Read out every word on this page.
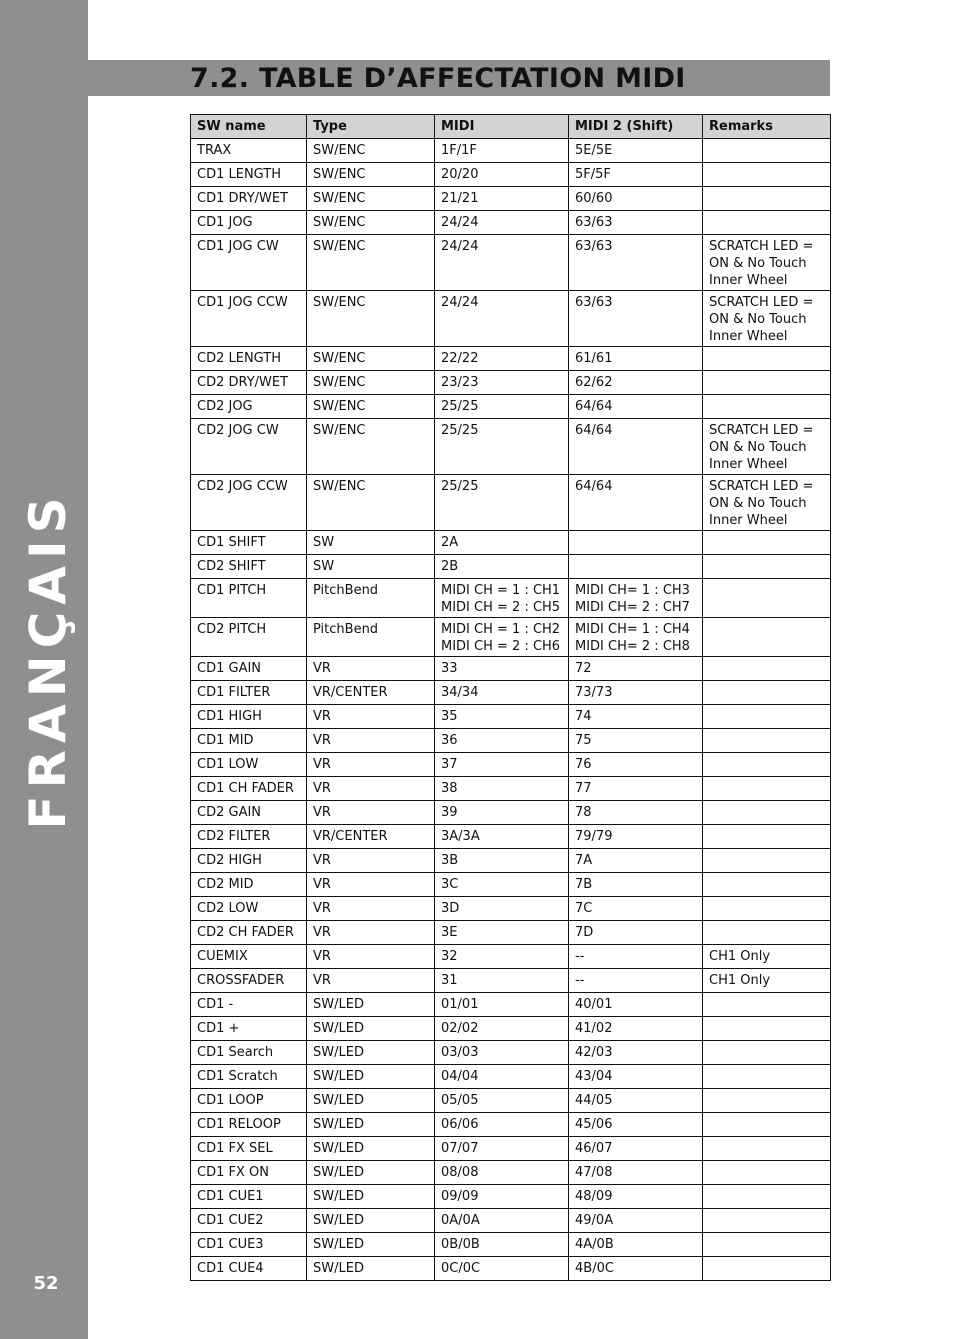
FRANÇAIS
52
7.2. TABLE D’AFFECTATION MIDI
SW name	Type	MIDI	MIDI 2 (Shift)	Remarks
TRAX	SW/ENC	1F/1F	5E/5E	
CD1 LENGTH	SW/ENC	20/20	5F/5F	
CD1 DRY/WET	SW/ENC	21/21	60/60	
CD1 JOG	SW/ENC	24/24	63/63	
CD1 JOG CW	SW/ENC	24/24	63/63	SCRATCH LED =
ON & No Touch
Inner Wheel
CD1 JOG CCW	SW/ENC	24/24	63/63	SCRATCH LED =
ON & No Touch
Inner Wheel
CD2 LENGTH	SW/ENC	22/22	61/61	
CD2 DRY/WET	SW/ENC	23/23	62/62	
CD2 JOG	SW/ENC	25/25	64/64	
CD2 JOG CW	SW/ENC	25/25	64/64	SCRATCH LED =
ON & No Touch
Inner Wheel
CD2 JOG CCW	SW/ENC	25/25	64/64	SCRATCH LED =
ON & No Touch
Inner Wheel
CD1 SHIFT	SW	2A		
CD2 SHIFT	SW	2B		
CD1 PITCH	PitchBend	MIDI CH = 1 : CH1
MIDI CH = 2 : CH5	MIDI CH= 1 : CH3
MIDI CH= 2 : CH7	
CD2 PITCH	PitchBend	MIDI CH = 1 : CH2
MIDI CH = 2 : CH6	MIDI CH= 1 : CH4
MIDI CH= 2 : CH8	
CD1 GAIN	VR	33	72	
CD1 FILTER	VR/CENTER	34/34	73/73	
CD1 HIGH	VR	35	74	
CD1 MID	VR	36	75	
CD1 LOW	VR	37	76	
CD1 CH FADER	VR	38	77	
CD2 GAIN	VR	39	78	
CD2 FILTER	VR/CENTER	3A/3A	79/79	
CD2 HIGH	VR	3B	7A	
CD2 MID	VR	3C	7B	
CD2 LOW	VR	3D	7C	
CD2 CH FADER	VR	3E	7D	
CUEMIX	VR	32	--	CH1 Only
CROSSFADER	VR	31	--	CH1 Only
CD1 -	SW/LED	01/01	40/01	
CD1 +	SW/LED	02/02	41/02	
CD1 Search	SW/LED	03/03	42/03	
CD1 Scratch	SW/LED	04/04	43/04	
CD1 LOOP	SW/LED	05/05	44/05	
CD1 RELOOP	SW/LED	06/06	45/06	
CD1 FX SEL	SW/LED	07/07	46/07	
CD1 FX ON	SW/LED	08/08	47/08	
CD1 CUE1	SW/LED	09/09	48/09	
CD1 CUE2	SW/LED	0A/0A	49/0A	
CD1 CUE3	SW/LED	0B/0B	4A/0B	
CD1 CUE4	SW/LED	0C/0C	4B/0C	
